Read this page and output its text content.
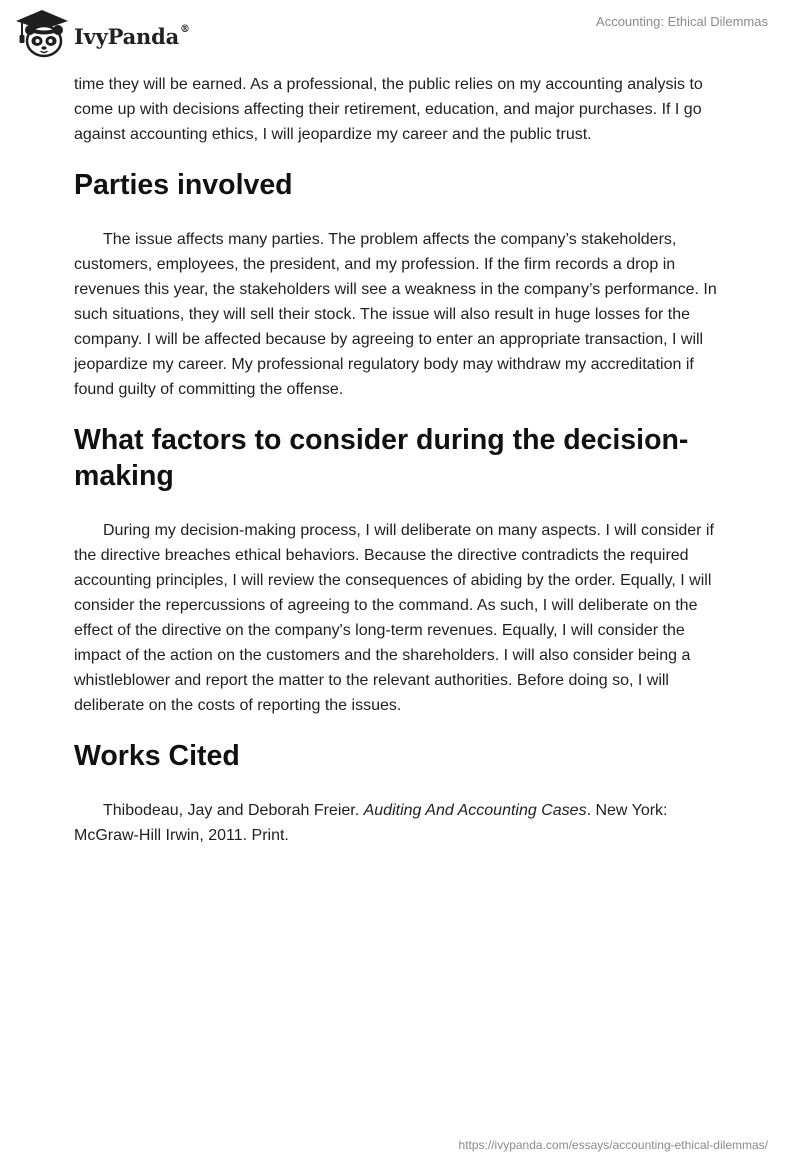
IvyPanda®	Accounting: Ethical Dilemmas

time they will be earned. As a professional, the public relies on my accounting analysis to come up with decisions affecting their retirement, education, and major purchases. If I go against accounting ethics, I will jeopardize my career and the public trust.

Parties involved

The issue affects many parties. The problem affects the company’s stakeholders, customers, employees, the president, and my profession. If the firm records a drop in revenues this year, the stakeholders will see a weakness in the company’s performance. In such situations, they will sell their stock. The issue will also result in huge losses for the company. I will be affected because by agreeing to enter an appropriate transaction, I will jeopardize my career. My professional regulatory body may withdraw my accreditation if found guilty of committing the offense.

What factors to consider during the decision-making

During my decision-making process, I will deliberate on many aspects. I will consider if the directive breaches ethical behaviors. Because the directive contradicts the required accounting principles, I will review the consequences of abiding by the order. Equally, I will consider the repercussions of agreeing to the command. As such, I will deliberate on the effect of the directive on the company's long-term revenues. Equally, I will consider the impact of the action on the customers and the shareholders. I will also consider being a whistleblower and report the matter to the relevant authorities. Before doing so, I will deliberate on the costs of reporting the issues.

Works Cited

Thibodeau, Jay and Deborah Freier. Auditing And Accounting Cases. New York: McGraw-Hill Irwin, 2011. Print.

https://ivypanda.com/essays/accounting-ethical-dilemmas/
